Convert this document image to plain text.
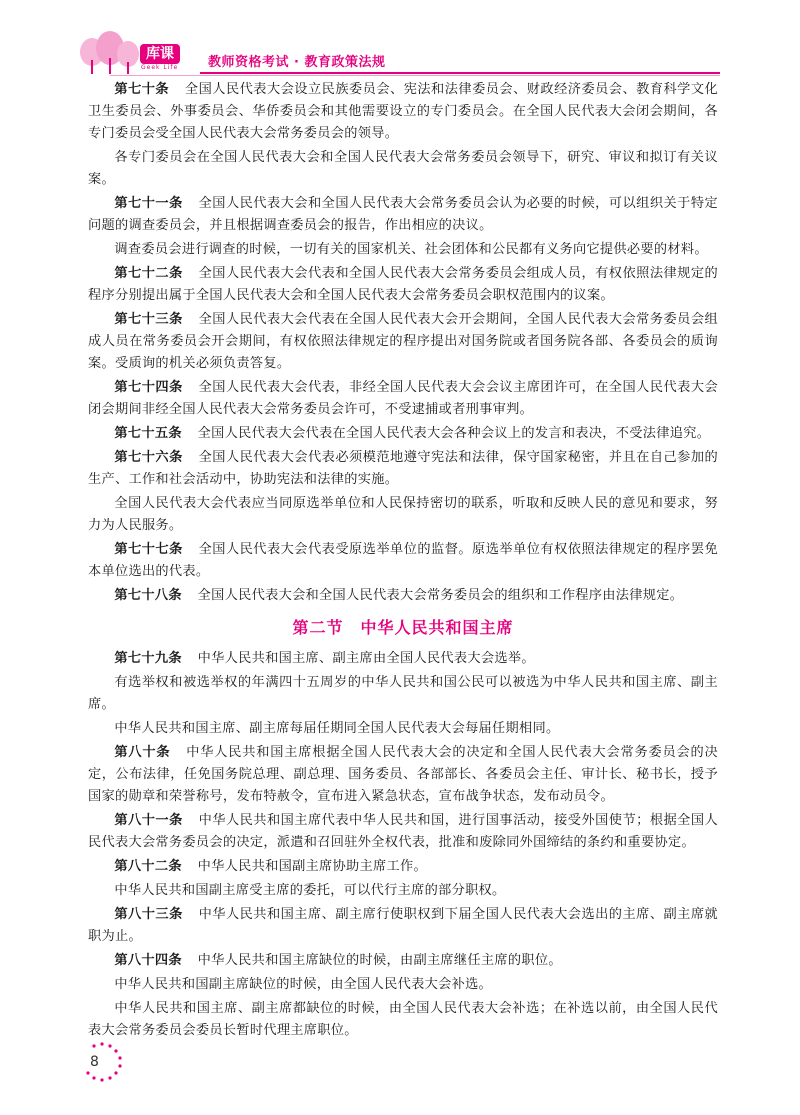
库课
Geek Life 教师资格考试 · 教育政策法规

第七十条 全国人民代表大会设立民族委员会、宪法和法律委员会、财政经济委员会、教育科学文化卫生委员会、外事委员会、华侨委员会和其他需要设立的专门委员会。在全国人民代表大会闭会期间，各专门委员会受全国人民代表大会常务委员会的领导。

各专门委员会在全国人民代表大会和全国人民代表大会常务委员会领导下，研究、审议和拟订有关议案。

第七十一条 全国人民代表大会和全国人民代表大会常务委员会认为必要的时候，可以组织关于特定问题的调查委员会，并且根据调查委员会的报告，作出相应的决议。

调查委员会进行调查的时候，一切有关的国家机关、社会团体和公民都有义务向它提供必要的材料。

第七十二条 全国人民代表大会代表和全国人民代表大会常务委员会组成人员，有权依照法律规定的程序分别提出属于全国人民代表大会和全国人民代表大会常务委员会职权范围内的议案。

第七十三条 全国人民代表大会代表在全国人民代表大会开会期间，全国人民代表大会常务委员会组成人员在常务委员会开会期间，有权依照法律规定的程序提出对国务院或者国务院各部、各委员会的质询案。受质询的机关必须负责答复。

第七十四条 全国人民代表大会代表，非经全国人民代表大会会议主席团许可，在全国人民代表大会闭会期间非经全国人民代表大会常务委员会许可，不受逮捕或者刑事审判。

第七十五条 全国人民代表大会代表在全国人民代表大会各种会议上的发言和表决，不受法律追究。

第七十六条 全国人民代表大会代表必须模范地遵守宪法和法律，保守国家秘密，并且在自己参加的生产、工作和社会活动中，协助宪法和法律的实施。

全国人民代表大会代表应当同原选举单位和人民保持密切的联系，听取和反映人民的意见和要求，努力为人民服务。

第七十七条 全国人民代表大会代表受原选举单位的监督。原选举单位有权依照法律规定的程序罢免本单位选出的代表。

第七十八条 全国人民代表大会和全国人民代表大会常务委员会的组织和工作程序由法律规定。

第二节　中华人民共和国主席

第七十九条 中华人民共和国主席、副主席由全国人民代表大会选举。

有选举权和被选举权的年满四十五周岁的中华人民共和国公民可以被选为中华人民共和国主席、副主席。

中华人民共和国主席、副主席每届任期同全国人民代表大会每届任期相同。

第八十条 中华人民共和国主席根据全国人民代表大会的决定和全国人民代表大会常务委员会的决定，公布法律，任免国务院总理、副总理、国务委员、各部部长、各委员会主任、审计长、秘书长，授予国家的勋章和荣誉称号，发布特赦令，宣布进入紧急状态，宣布战争状态，发布动员令。

第八十一条 中华人民共和国主席代表中华人民共和国，进行国事活动，接受外国使节；根据全国人民代表大会常务委员会的决定，派遣和召回驻外全权代表，批准和废除同外国缔结的条约和重要协定。

第八十二条 中华人民共和国副主席协助主席工作。

中华人民共和国副主席受主席的委托，可以代行主席的部分职权。

第八十三条 中华人民共和国主席、副主席行使职权到下届全国人民代表大会选出的主席、副主席就职为止。

第八十四条 中华人民共和国主席缺位的时候，由副主席继任主席的职位。

中华人民共和国副主席缺位的时候，由全国人民代表大会补选。

中华人民共和国主席、副主席都缺位的时候，由全国人民代表大会补选；在补选以前，由全国人民代表大会常务委员会委员长暂时代理主席职位。

8
